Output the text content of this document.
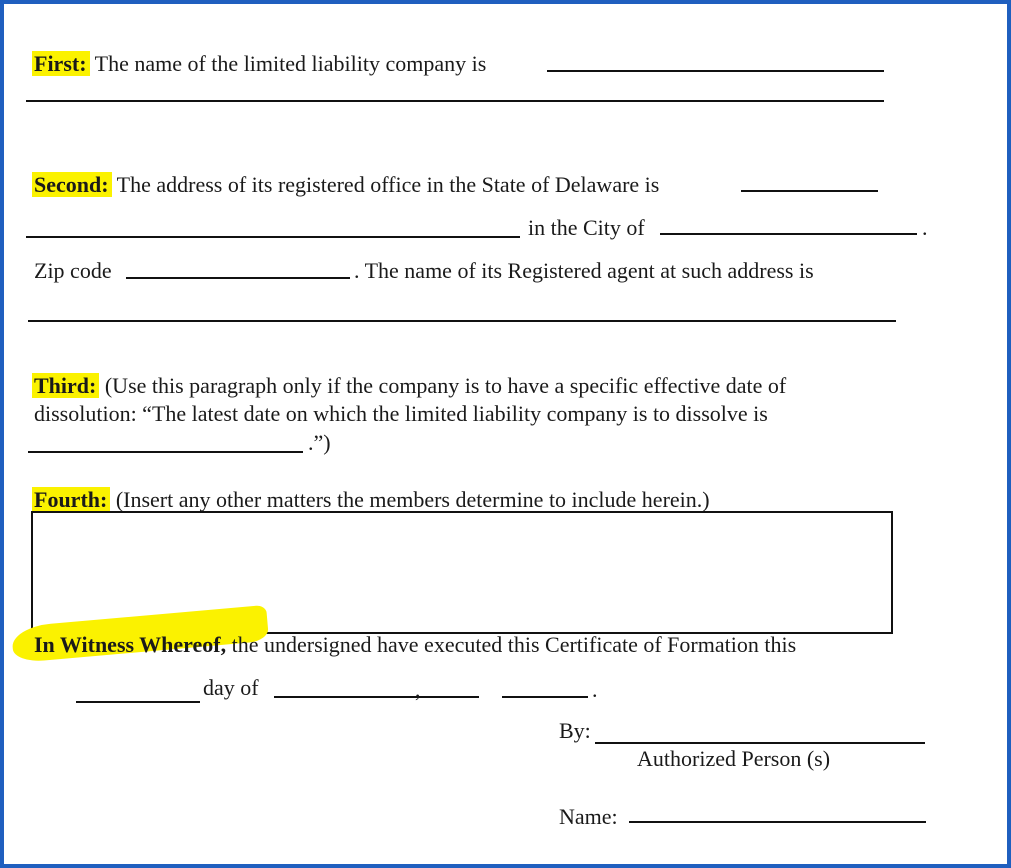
First: The name of the limited liability company is
Second: The address of its registered office in the State of Delaware is
in the City of	.
Zip code	. The name of its Registered agent at such address is
Third: (Use this paragraph only if the company is to have a specific effective date of
dissolution: “The latest date on which the limited liability company is to dissolve is
.”)
Fourth: (Insert any other matters the members determine to include herein.)
In Witness Whereof, the undersigned have executed this Certificate of Formation this
day of	,	.
By:
Authorized Person (s)
Name:
